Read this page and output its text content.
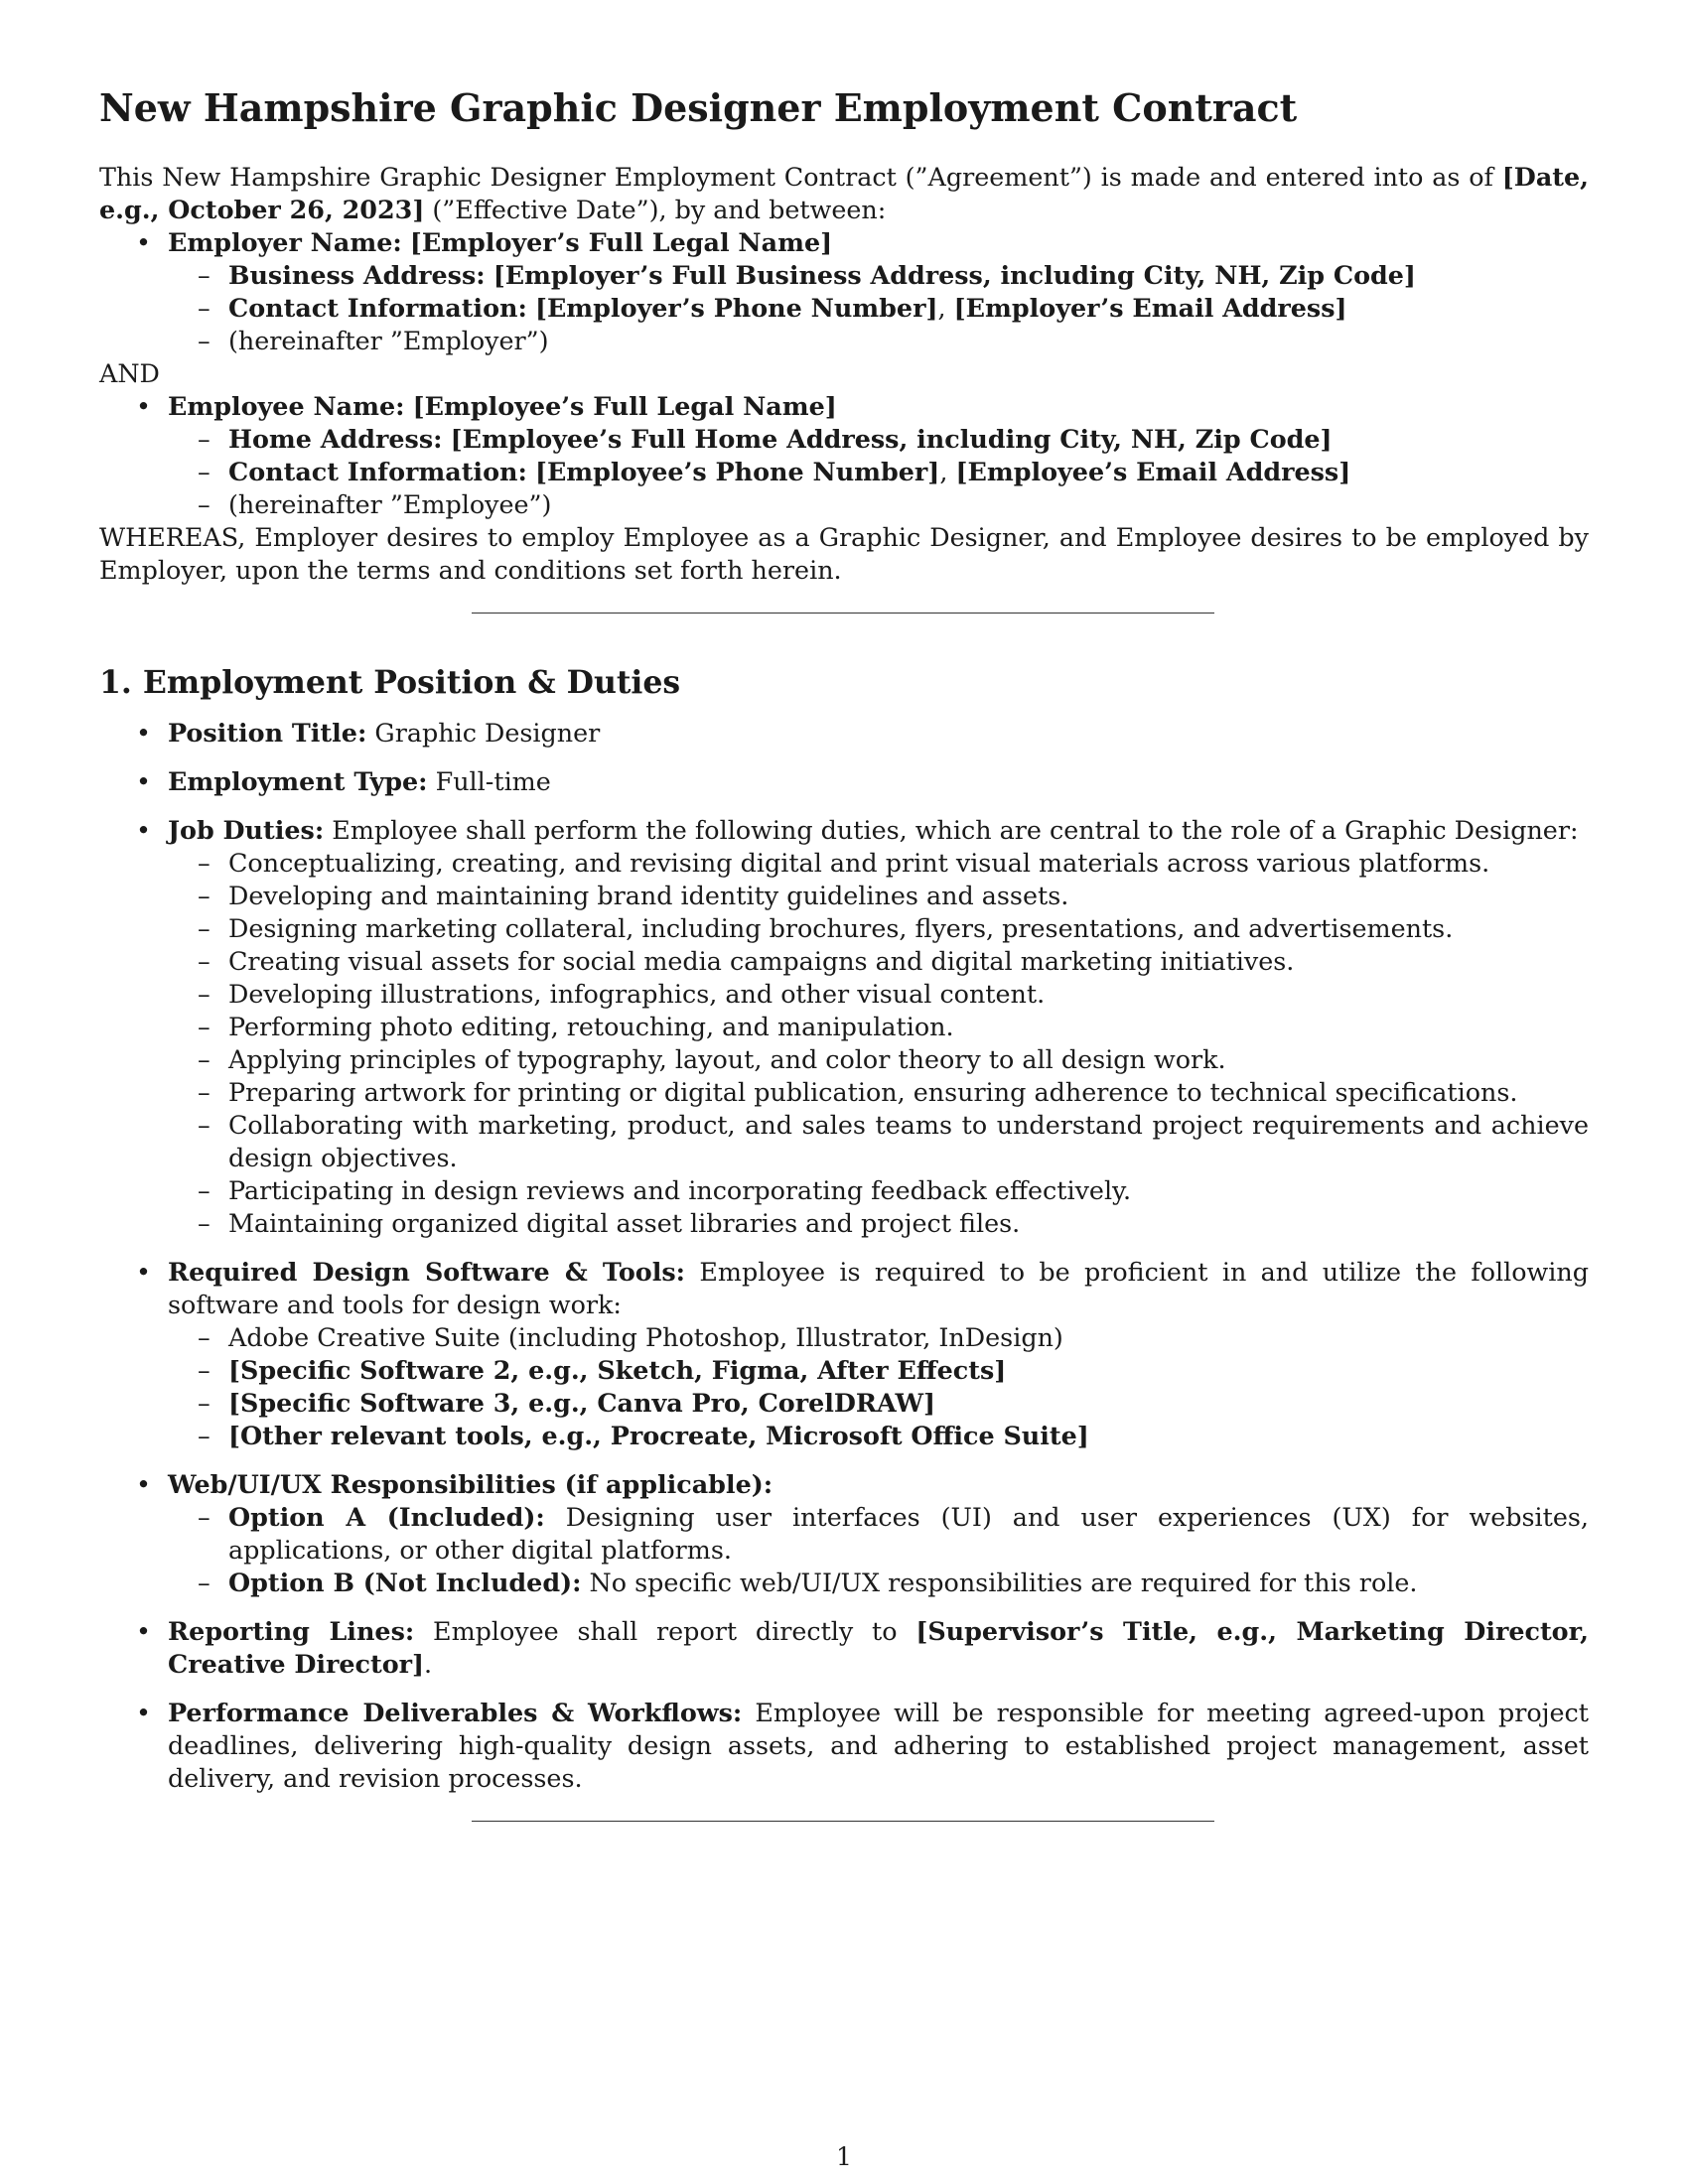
New Hampshire Graphic Designer Employment Contract

This New Hampshire Graphic Designer Employment Contract (”Agreement”) is made and entered into as of [Date, e.g., October 26, 2023] (”Effective Date”), by and between:

• Employer Name: [Employer’s Full Legal Name]
– Business Address: [Employer’s Full Business Address, including City, NH, Zip Code]
– Contact Information: [Employer’s Phone Number], [Employer’s Email Address]
– (hereinafter ”Employer”)

AND

• Employee Name: [Employee’s Full Legal Name]
– Home Address: [Employee’s Full Home Address, including City, NH, Zip Code]
– Contact Information: [Employee’s Phone Number], [Employee’s Email Address]
– (hereinafter ”Employee”)

WHEREAS, Employer desires to employ Employee as a Graphic Designer, and Employee desires to be employed by Employer, upon the terms and conditions set forth herein.

1. Employment Position & Duties
• Position Title: Graphic Designer
• Employment Type: Full-time
• Job Duties: Employee shall perform the following duties, which are central to the role of a Graphic Designer:
– Conceptualizing, creating, and revising digital and print visual materials across various platforms.
– Developing and maintaining brand identity guidelines and assets.
– Designing marketing collateral, including brochures, flyers, presentations, and advertisements.
– Creating visual assets for social media campaigns and digital marketing initiatives.
– Developing illustrations, infographics, and other visual content.
– Performing photo editing, retouching, and manipulation.
– Applying principles of typography, layout, and color theory to all design work.
– Preparing artwork for printing or digital publication, ensuring adherence to technical specifications.
– Collaborating with marketing, product, and sales teams to understand project requirements and achieve design objectives.
– Participating in design reviews and incorporating feedback effectively.
– Maintaining organized digital asset libraries and project files.

• Required Design Software & Tools: Employee is required to be proficient in and utilize the following software and tools for design work:

– Adobe Creative Suite (including Photoshop, Illustrator, InDesign)
– [Specific Software 2, e.g., Sketch, Figma, After Effects]
– [Specific Software 3, e.g., Canva Pro, CorelDRAW]
– [Other relevant tools, e.g., Procreate, Microsoft Office Suite]
• Web/UI/UX Responsibilities (if applicable):
– Option A (Included): Designing user interfaces (UI) and user experiences (UX) for websites, applications, or other digital platforms.
– Option B (Not Included): No specific web/UI/UX responsibilities are required for this role.

• Reporting Lines: Employee shall report directly to [Supervisor’s Title, e.g., Marketing Director, Creative Director].

• Performance Deliverables & Workflows: Employee will be responsible for meeting agreed-upon project deadlines, delivering high-quality design assets, and adhering to established project management, asset delivery, and revision processes.

1
